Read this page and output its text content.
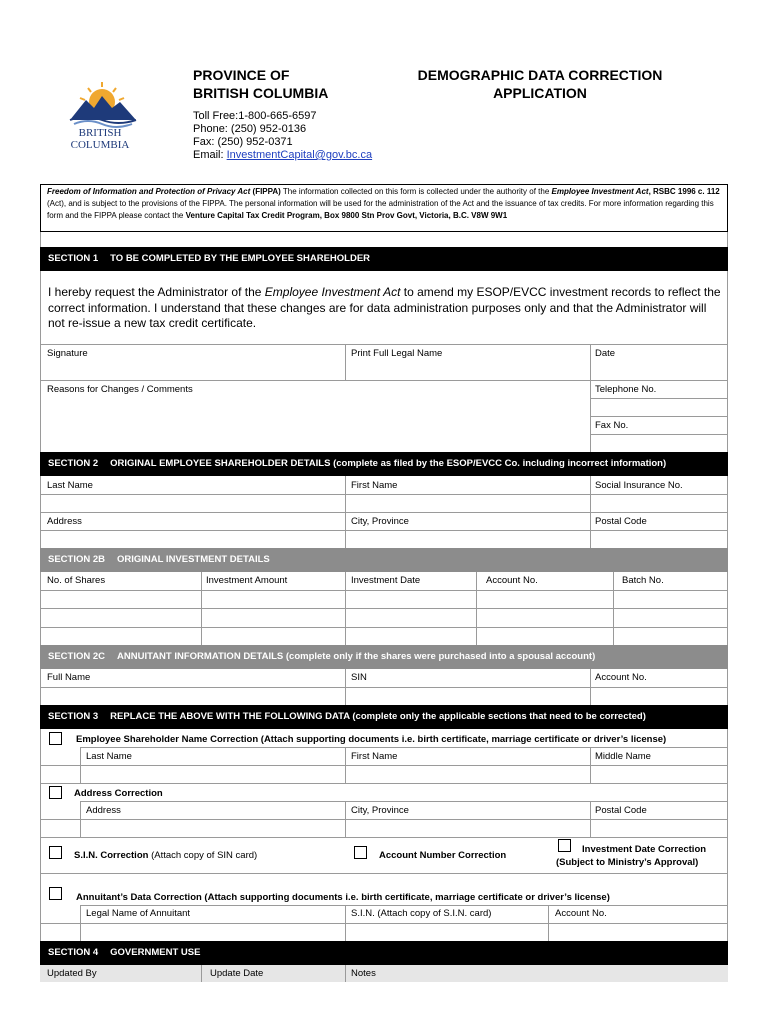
BRITISH
COLUMBIA
PROVINCE OF
BRITISH COLUMBIA
DEMOGRAPHIC DATA CORRECTION
APPLICATION
Toll Free:1-800-665-6597
Phone: (250) 952-0136
Fax: (250) 952-0371
Email: InvestmentCapital@gov.bc.ca
Freedom of Information and Protection of Privacy Act (FIPPA) The information collected on this form is collected under the authority of the Employee Investment Act, RSBC 1996 c. 112 (Act), and is subject to the provisions of the FIPPA. The personal information will be used for the administration of the Act and the issuance of tax credits. For more information regarding this form and the FIPPA please contact the Venture Capital Tax Credit Program, Box 9800 Stn Prov Govt, Victoria, B.C. V8W 9W1
SECTION 1 TO BE COMPLETED BY THE EMPLOYEE SHAREHOLDER
I hereby request the Administrator of the Employee Investment Act to amend my ESOP/EVCC investment records to reflect the correct information. I understand that these changes are for data administration purposes only and that the Administrator will not re-issue a new tax credit certificate.
Signature	Print Full Legal Name	Date
Reasons for Changes / Comments	Telephone No.
Fax No.
SECTION 2 ORIGINAL EMPLOYEE SHAREHOLDER DETAILS (complete as filed by the ESOP/EVCC Co. including incorrect information)
Last Name	First Name	Social Insurance No.
Address	City, Province	Postal Code
SECTION 2B ORIGINAL INVESTMENT DETAILS
No. of Shares	Investment Amount	Investment Date	Account No.	Batch No.
SECTION 2C ANNUITANT INFORMATION DETAILS (complete only if the shares were purchased into a spousal account)
Full Name	SIN	Account No.
SECTION 3 REPLACE THE ABOVE WITH THE FOLLOWING DATA (complete only the applicable sections that need to be corrected)
Employee Shareholder Name Correction (Attach supporting documents i.e. birth certificate, marriage certificate or driver’s license)
Last Name	First Name	Middle Name
Address Correction
Address	City, Province	Postal Code
S.I.N. Correction (Attach copy of SIN card)	Account Number Correction
Investment Date Correction
(Subject to Ministry’s Approval)
Annuitant’s Data Correction (Attach supporting documents i.e. birth certificate, marriage certificate or driver’s license)
Legal Name of Annuitant	S.I.N. (Attach copy of S.I.N. card)	Account No.
SECTION 4 GOVERNMENT USE
Updated By	Update Date	Notes
